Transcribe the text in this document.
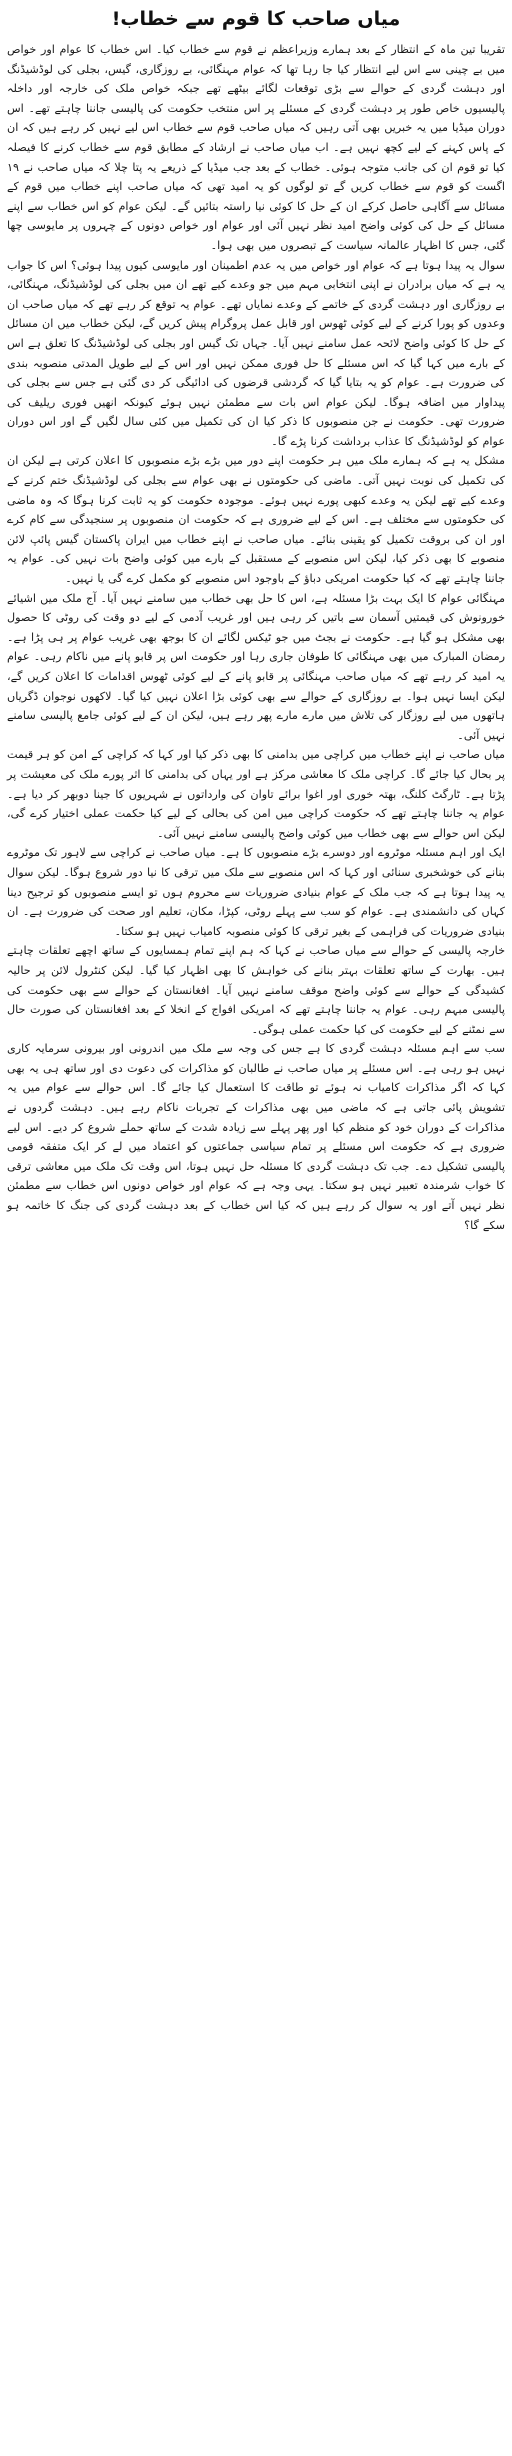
میاں صاحب کا قوم سے خطاب!

تقریبا تین ماہ کے انتظار کے بعد ہمارے وزیراعظم نے قوم سے خطاب کیا۔ اس خطاب کا عوام اور خواص میں بے چینی سے اس لیے انتظار کیا جا رہا تھا کہ عوام مہنگائی، بے روزگاری، گیس، بجلی کی لوڈشیڈنگ اور دہشت گردی کے حوالے سے بڑی توقعات لگائے بیٹھے تھے جبکہ خواص ملک کی خارجہ اور داخلہ پالیسیوں خاص طور پر دہشت گردی کے مسئلے پر اس منتخب حکومت کی پالیسی جاننا چاہتے تھے۔ اس دوران میڈیا میں یہ خبریں بھی آتی رہیں کہ میاں صاحب قوم سے خطاب اس لیے نہیں کر رہے ہیں کہ ان کے پاس کہنے کے لیے کچھ نہیں ہے۔ اب میاں صاحب نے ارشاد کے مطابق قوم سے خطاب کرنے کا فیصلہ کیا تو قوم ان کی جانب متوجہ ہوئی۔ خطاب کے بعد جب میڈیا کے ذریعے یہ پتا چلا کہ میاں صاحب نے ۱۹ اگست کو قوم سے خطاب کریں گے تو لوگوں کو یہ امید تھی کہ میاں صاحب اپنے خطاب میں قوم کے مسائل سے آگاہی حاصل کرکے ان کے حل کا کوئی نیا راستہ بتائیں گے۔ لیکن عوام کو اس خطاب سے اپنے مسائل کے حل کی کوئی واضح امید نظر نہیں آئی اور عوام اور خواص دونوں کے چہروں پر مایوسی چھا گئی، جس کا اظہار عالمانہ سیاست کے تبصروں میں بھی ہوا۔

سوال یہ پیدا ہوتا ہے کہ عوام اور خواص میں یہ عدم اطمینان اور مایوسی کیوں پیدا ہوئی؟ اس کا جواب یہ ہے کہ میاں برادران نے اپنی انتخابی مہم میں جو وعدے کیے تھے ان میں بجلی کی لوڈشیڈنگ، مہنگائی، بے روزگاری اور دہشت گردی کے خاتمے کے وعدے نمایاں تھے۔ عوام یہ توقع کر رہے تھے کہ میاں صاحب ان وعدوں کو پورا کرنے کے لیے کوئی ٹھوس اور قابل عمل پروگرام پیش کریں گے، لیکن خطاب میں ان مسائل کے حل کا کوئی واضح لائحہ عمل سامنے نہیں آیا۔ جہاں تک گیس اور بجلی کی لوڈشیڈنگ کا تعلق ہے اس کے بارے میں کہا گیا کہ اس مسئلے کا حل فوری ممکن نہیں اور اس کے لیے طویل المدتی منصوبہ بندی کی ضرورت ہے۔ عوام کو یہ بتایا گیا کہ گردشی قرضوں کی ادائیگی کر دی گئی ہے جس سے بجلی کی پیداوار میں اضافہ ہوگا۔ لیکن عوام اس بات سے مطمئن نہیں ہوئے کیونکہ انھیں فوری ریلیف کی ضرورت تھی۔ حکومت نے جن منصوبوں کا ذکر کیا ان کی تکمیل میں کئی سال لگیں گے اور اس دوران عوام کو لوڈشیڈنگ کا عذاب برداشت کرنا پڑے گا۔

مشکل یہ ہے کہ ہمارے ملک میں ہر حکومت اپنے دور میں بڑے بڑے منصوبوں کا اعلان کرتی ہے لیکن ان کی تکمیل کی نوبت نہیں آتی۔ ماضی کی حکومتوں نے بھی عوام سے بجلی کی لوڈشیڈنگ ختم کرنے کے وعدے کیے تھے لیکن یہ وعدے کبھی پورے نہیں ہوئے۔ موجودہ حکومت کو یہ ثابت کرنا ہوگا کہ وہ ماضی کی حکومتوں سے مختلف ہے۔ اس کے لیے ضروری ہے کہ حکومت ان منصوبوں پر سنجیدگی سے کام کرے اور ان کی بروقت تکمیل کو یقینی بنائے۔ میاں صاحب نے اپنے خطاب میں ایران پاکستان گیس پائپ لائن منصوبے کا بھی ذکر کیا، لیکن اس منصوبے کے مستقبل کے بارے میں کوئی واضح بات نہیں کی۔ عوام یہ جاننا چاہتے تھے کہ کیا حکومت امریکی دباؤ کے باوجود اس منصوبے کو مکمل کرے گی یا نہیں۔

مہنگائی عوام کا ایک بہت بڑا مسئلہ ہے، اس کا حل بھی خطاب میں سامنے نہیں آیا۔ آج ملک میں اشیائے خورونوش کی قیمتیں آسمان سے باتیں کر رہی ہیں اور غریب آدمی کے لیے دو وقت کی روٹی کا حصول بھی مشکل ہو گیا ہے۔ حکومت نے بجٹ میں جو ٹیکس لگائے ان کا بوجھ بھی غریب عوام پر ہی پڑا ہے۔ رمضان المبارک میں بھی مہنگائی کا طوفان جاری رہا اور حکومت اس پر قابو پانے میں ناکام رہی۔ عوام یہ امید کر رہے تھے کہ میاں صاحب مہنگائی پر قابو پانے کے لیے کوئی ٹھوس اقدامات کا اعلان کریں گے، لیکن ایسا نہیں ہوا۔ بے روزگاری کے حوالے سے بھی کوئی بڑا اعلان نہیں کیا گیا۔ لاکھوں نوجوان ڈگریاں ہاتھوں میں لیے روزگار کی تلاش میں مارے مارے پھر رہے ہیں، لیکن ان کے لیے کوئی جامع پالیسی سامنے نہیں آئی۔

میاں صاحب نے اپنے خطاب میں کراچی میں بدامنی کا بھی ذکر کیا اور کہا کہ کراچی کے امن کو ہر قیمت پر بحال کیا جائے گا۔ کراچی ملک کا معاشی مرکز ہے اور یہاں کی بدامنی کا اثر پورے ملک کی معیشت پر پڑتا ہے۔ ٹارگٹ کلنگ، بھتہ خوری اور اغوا برائے تاوان کی وارداتوں نے شہریوں کا جینا دوبھر کر دیا ہے۔ عوام یہ جاننا چاہتے تھے کہ حکومت کراچی میں امن کی بحالی کے لیے کیا حکمت عملی اختیار کرے گی، لیکن اس حوالے سے بھی خطاب میں کوئی واضح پالیسی سامنے نہیں آئی۔

ایک اور اہم مسئلہ موٹروے اور دوسرے بڑے منصوبوں کا ہے۔ میاں صاحب نے کراچی سے لاہور تک موٹروے بنانے کی خوشخبری سنائی اور کہا کہ اس منصوبے سے ملک میں ترقی کا نیا دور شروع ہوگا۔ لیکن سوال یہ پیدا ہوتا ہے کہ جب ملک کے عوام بنیادی ضروریات سے محروم ہوں تو ایسے منصوبوں کو ترجیح دینا کہاں کی دانشمندی ہے۔ عوام کو سب سے پہلے روٹی، کپڑا، مکان، تعلیم اور صحت کی ضرورت ہے۔ ان بنیادی ضروریات کی فراہمی کے بغیر ترقی کا کوئی منصوبہ کامیاب نہیں ہو سکتا۔

خارجہ پالیسی کے حوالے سے میاں صاحب نے کہا کہ ہم اپنے تمام ہمسایوں کے ساتھ اچھے تعلقات چاہتے ہیں۔ بھارت کے ساتھ تعلقات بہتر بنانے کی خواہش کا بھی اظہار کیا گیا۔ لیکن کنٹرول لائن پر حالیہ کشیدگی کے حوالے سے کوئی واضح موقف سامنے نہیں آیا۔ افغانستان کے حوالے سے بھی حکومت کی پالیسی مبہم رہی۔ عوام یہ جاننا چاہتے تھے کہ امریکی افواج کے انخلا کے بعد افغانستان کی صورت حال سے نمٹنے کے لیے حکومت کی کیا حکمت عملی ہوگی۔

سب سے اہم مسئلہ دہشت گردی کا ہے جس کی وجہ سے ملک میں اندرونی اور بیرونی سرمایہ کاری نہیں ہو رہی ہے۔ اس مسئلے پر میاں صاحب نے طالبان کو مذاکرات کی دعوت دی اور ساتھ ہی یہ بھی کہا کہ اگر مذاکرات کامیاب نہ ہوئے تو طاقت کا استعمال کیا جائے گا۔ اس حوالے سے عوام میں یہ تشویش پائی جاتی ہے کہ ماضی میں بھی مذاکرات کے تجربات ناکام رہے ہیں۔ دہشت گردوں نے مذاکرات کے دوران خود کو منظم کیا اور پھر پہلے سے زیادہ شدت کے ساتھ حملے شروع کر دیے۔ اس لیے ضروری ہے کہ حکومت اس مسئلے پر تمام سیاسی جماعتوں کو اعتماد میں لے کر ایک متفقہ قومی پالیسی تشکیل دے۔ جب تک دہشت گردی کا مسئلہ حل نہیں ہوتا، اس وقت تک ملک میں معاشی ترقی کا خواب شرمندہ تعبیر نہیں ہو سکتا۔ یہی وجہ ہے کہ عوام اور خواص دونوں اس خطاب سے مطمئن نظر نہیں آتے اور یہ سوال کر رہے ہیں کہ کیا اس خطاب کے بعد دہشت گردی کی جنگ کا خاتمہ ہو سکے گا؟
